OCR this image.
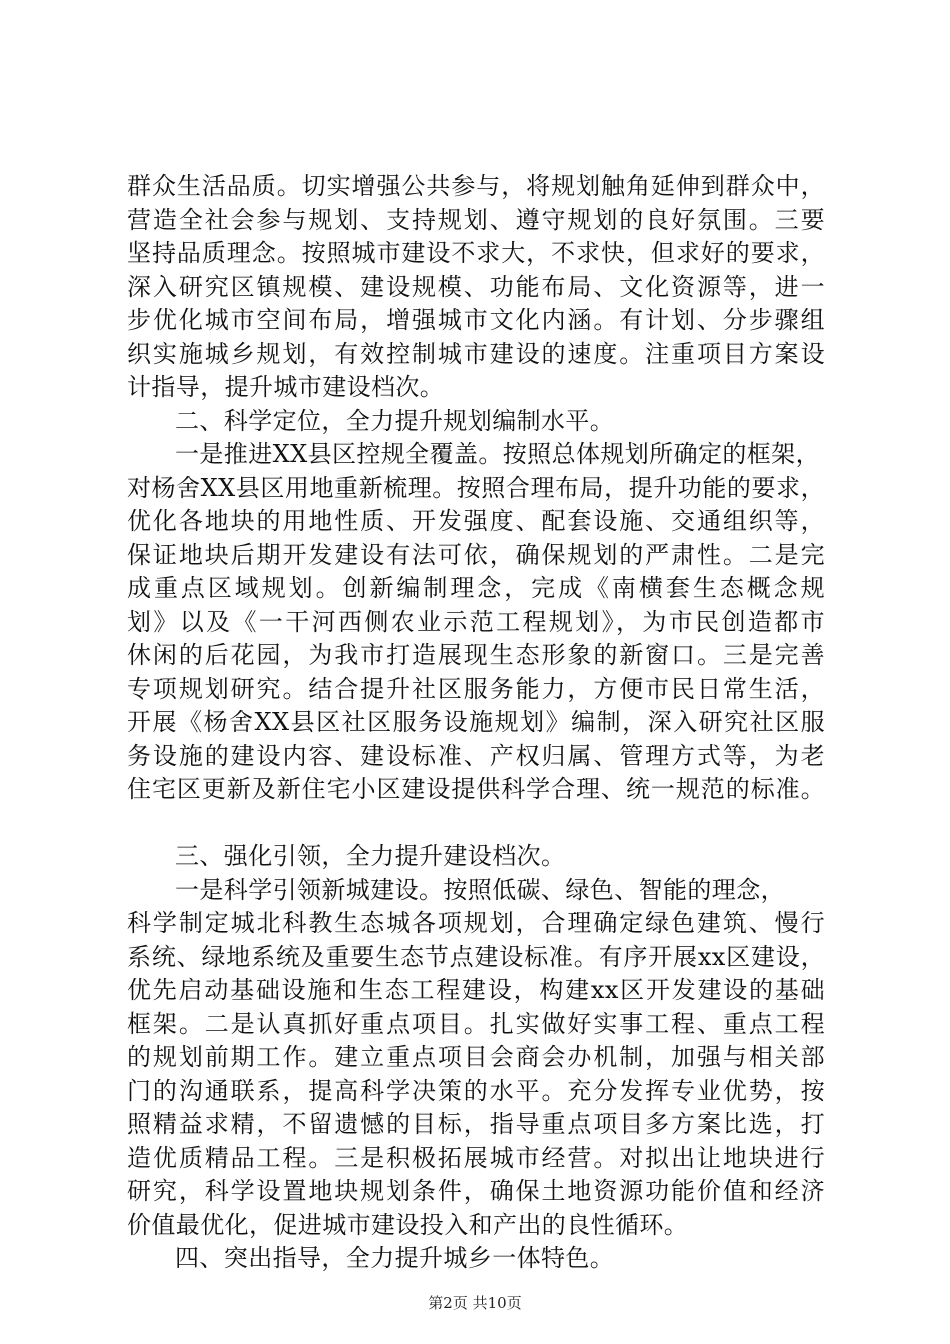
群众生活品质。切实增强公共参与，将规划触角延伸到群众中，
营造全社会参与规划、支持规划、遵守规划的良好氛围。三要
坚持品质理念。按照城市建设不求大，不求快，但求好的要求，
深入研究区镇规模、建设规模、功能布局、文化资源等，进一
步优化城市空间布局，增强城市文化内涵。有计划、分步骤组
织实施城乡规划，有效控制城市建设的速度。注重项目方案设
计指导，提升城市建设档次。
二、科学定位，全力提升规划编制水平。
一是推进XX县区控规全覆盖。按照总体规划所确定的框架，
对杨舍XX县区用地重新梳理。按照合理布局，提升功能的要求，
优化各地块的用地性质、开发强度、配套设施、交通组织等，
保证地块后期开发建设有法可依，确保规划的严肃性。二是完
成重点区域规划。创新编制理念，完成《南横套生态概念规
划》以及《一干河西侧农业示范工程规划》，为市民创造都市
休闲的后花园，为我市打造展现生态形象的新窗口。三是完善
专项规划研究。结合提升社区服务能力，方便市民日常生活，
开展《杨舍XX县区社区服务设施规划》编制，深入研究社区服
务设施的建设内容、建设标准、产权归属、管理方式等，为老
住宅区更新及新住宅小区建设提供科学合理、统一规范的标准。
三、强化引领，全力提升建设档次。
一是科学引领新城建设。按照低碳、绿色、智能的理念，
科学制定城北科教生态城各项规划，合理确定绿色建筑、慢行
系统、绿地系统及重要生态节点建设标准。有序开展xx区建设，
优先启动基础设施和生态工程建设，构建xx区开发建设的基础
框架。二是认真抓好重点项目。扎实做好实事工程、重点工程
的规划前期工作。建立重点项目会商会办机制，加强与相关部
门的沟通联系，提高科学决策的水平。充分发挥专业优势，按
照精益求精，不留遗憾的目标，指导重点项目多方案比选，打
造优质精品工程。三是积极拓展城市经营。对拟出让地块进行
研究，科学设置地块规划条件，确保土地资源功能价值和经济
价值最优化，促进城市建设投入和产出的良性循环。
四、突出指导，全力提升城乡一体特色。
第2页 共10页
